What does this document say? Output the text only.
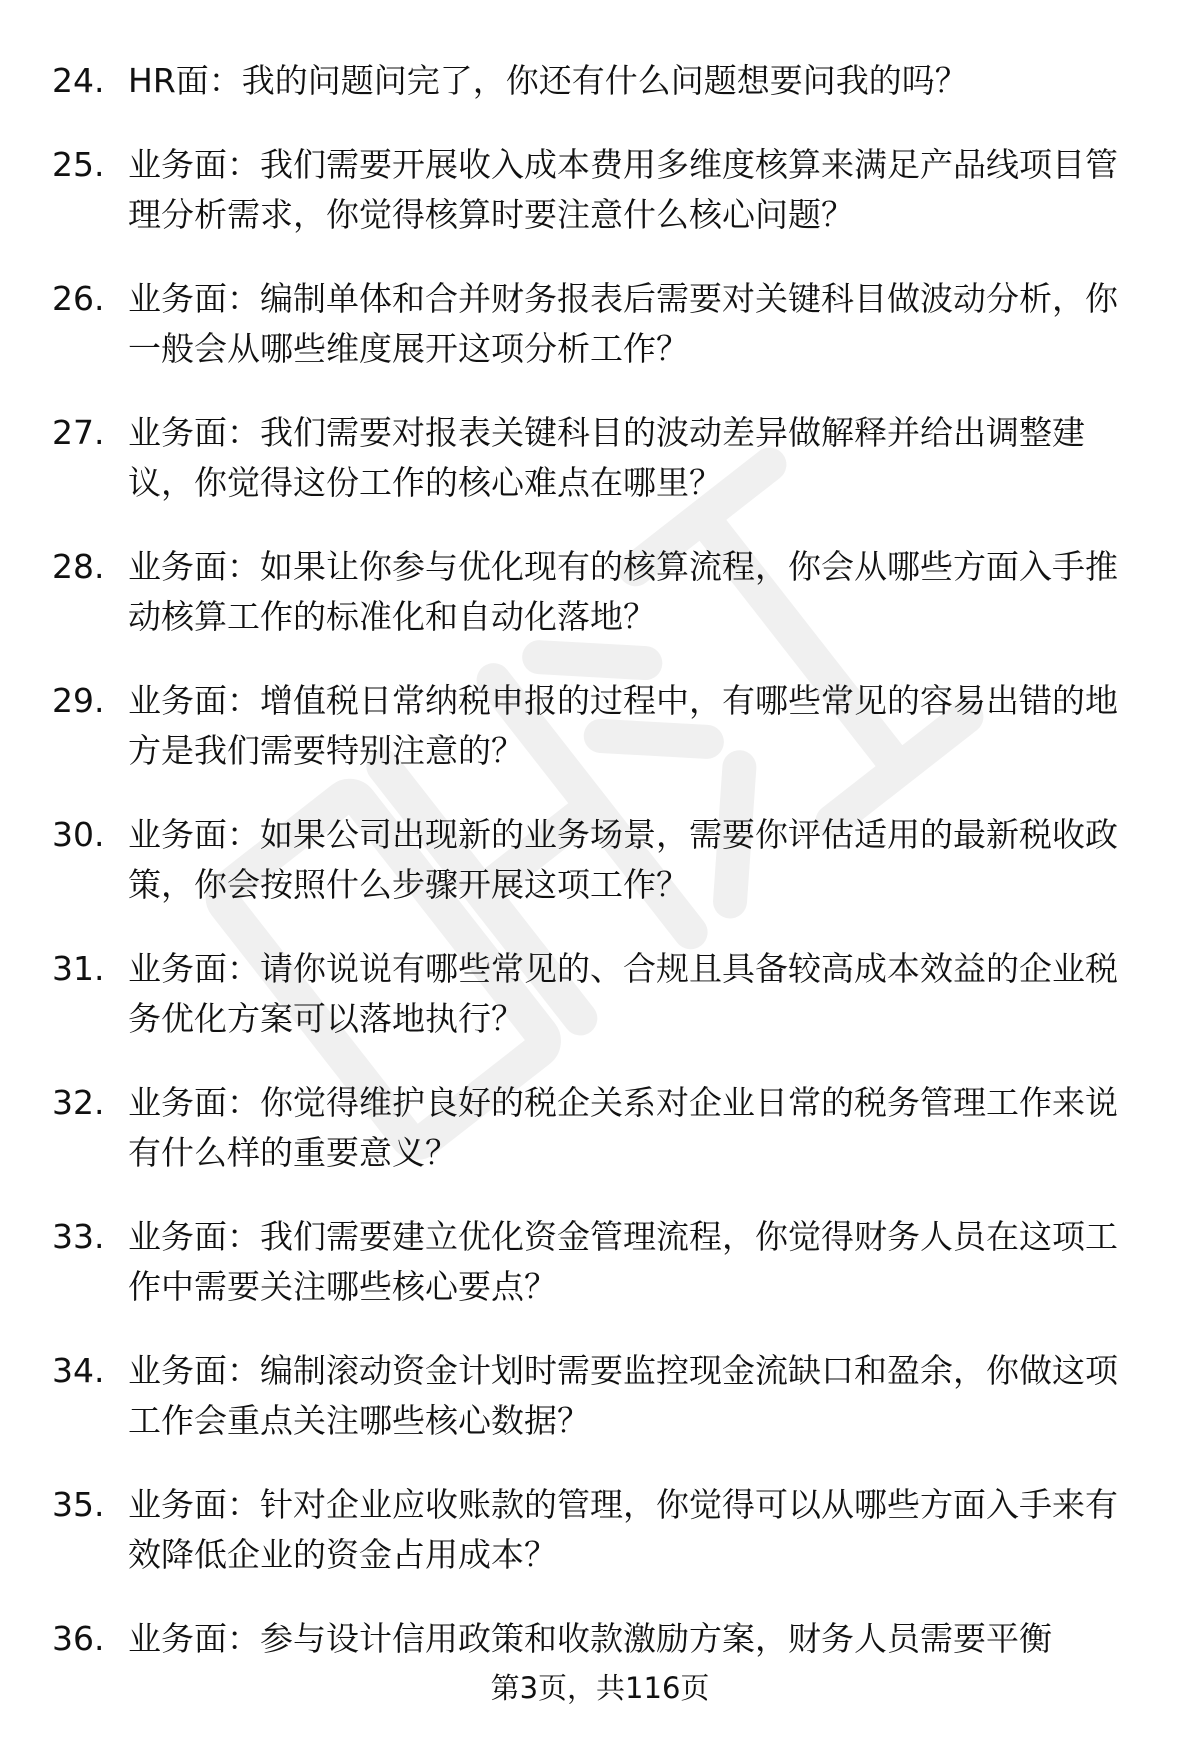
24. HR面：我的问题问完了，你还有什么问题想要问我的吗？
25. 业务面：我们需要开展收入成本费用多维度核算来满足产品线项目管理分析需求，你觉得核算时要注意什么核心问题？
26. 业务面：编制单体和合并财务报表后需要对关键科目做波动分析，你一般会从哪些维度展开这项分析工作？
27. 业务面：我们需要对报表关键科目的波动差异做解释并给出调整建议，你觉得这份工作的核心难点在哪里？
28. 业务面：如果让你参与优化现有的核算流程，你会从哪些方面入手推动核算工作的标准化和自动化落地？
29. 业务面：增值税日常纳税申报的过程中，有哪些常见的容易出错的地方是我们需要特别注意的？
30. 业务面：如果公司出现新的业务场景，需要你评估适用的最新税收政策，你会按照什么步骤开展这项工作？
31. 业务面：请你说说有哪些常见的、合规且具备较高成本效益的企业税务优化方案可以落地执行？
32. 业务面：你觉得维护良好的税企关系对企业日常的税务管理工作来说有什么样的重要意义？
33. 业务面：我们需要建立优化资金管理流程，你觉得财务人员在这项工作中需要关注哪些核心要点？
34. 业务面：编制滚动资金计划时需要监控现金流缺口和盈余，你做这项工作会重点关注哪些核心数据？
35. 业务面：针对企业应收账款的管理，你觉得可以从哪些方面入手来有效降低企业的资金占用成本？
36. 业务面：参与设计信用政策和收款激励方案，财务人员需要平衡
第3页，共116页
